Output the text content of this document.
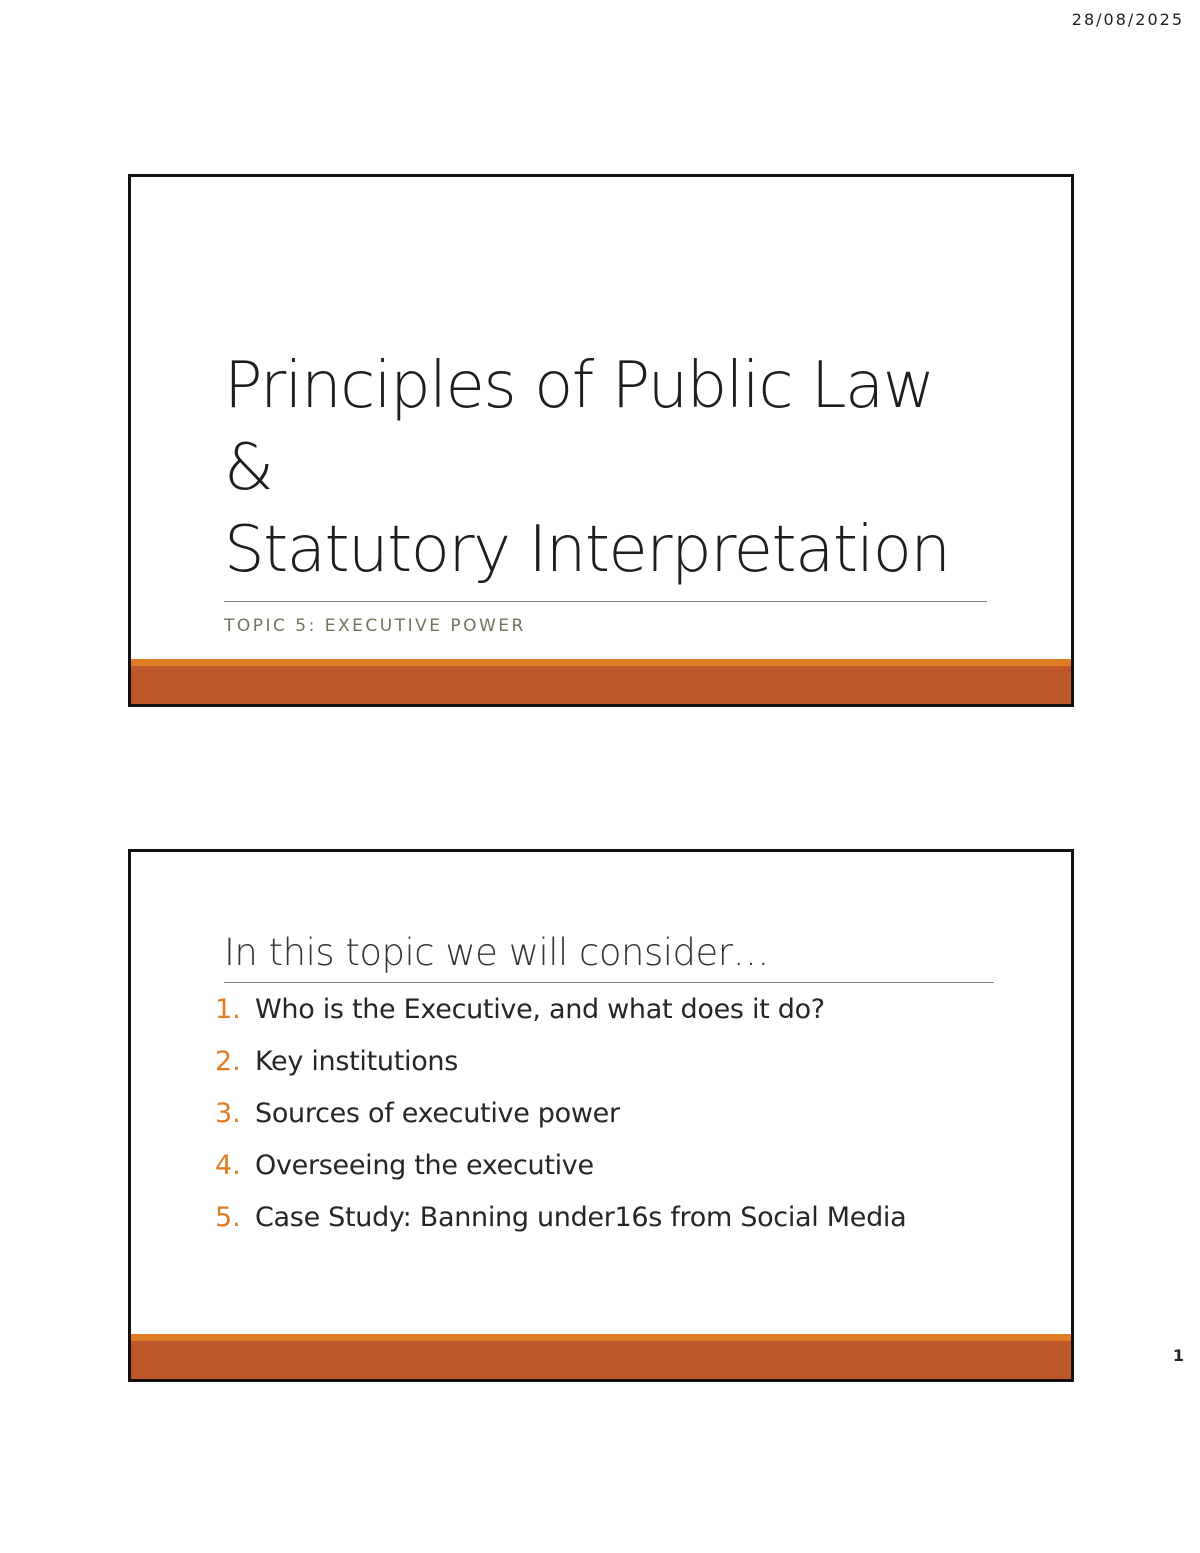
28/08/2025
Principles of Public Law &
Statutory Interpretation
TOPIC 5: EXECUTIVE POWER
In this topic we will consider…
1. Who is the Executive, and what does it do?
2. Key institutions
3. Sources of executive power
4. Overseeing the executive
5. Case Study: Banning under16s from Social Media
1
